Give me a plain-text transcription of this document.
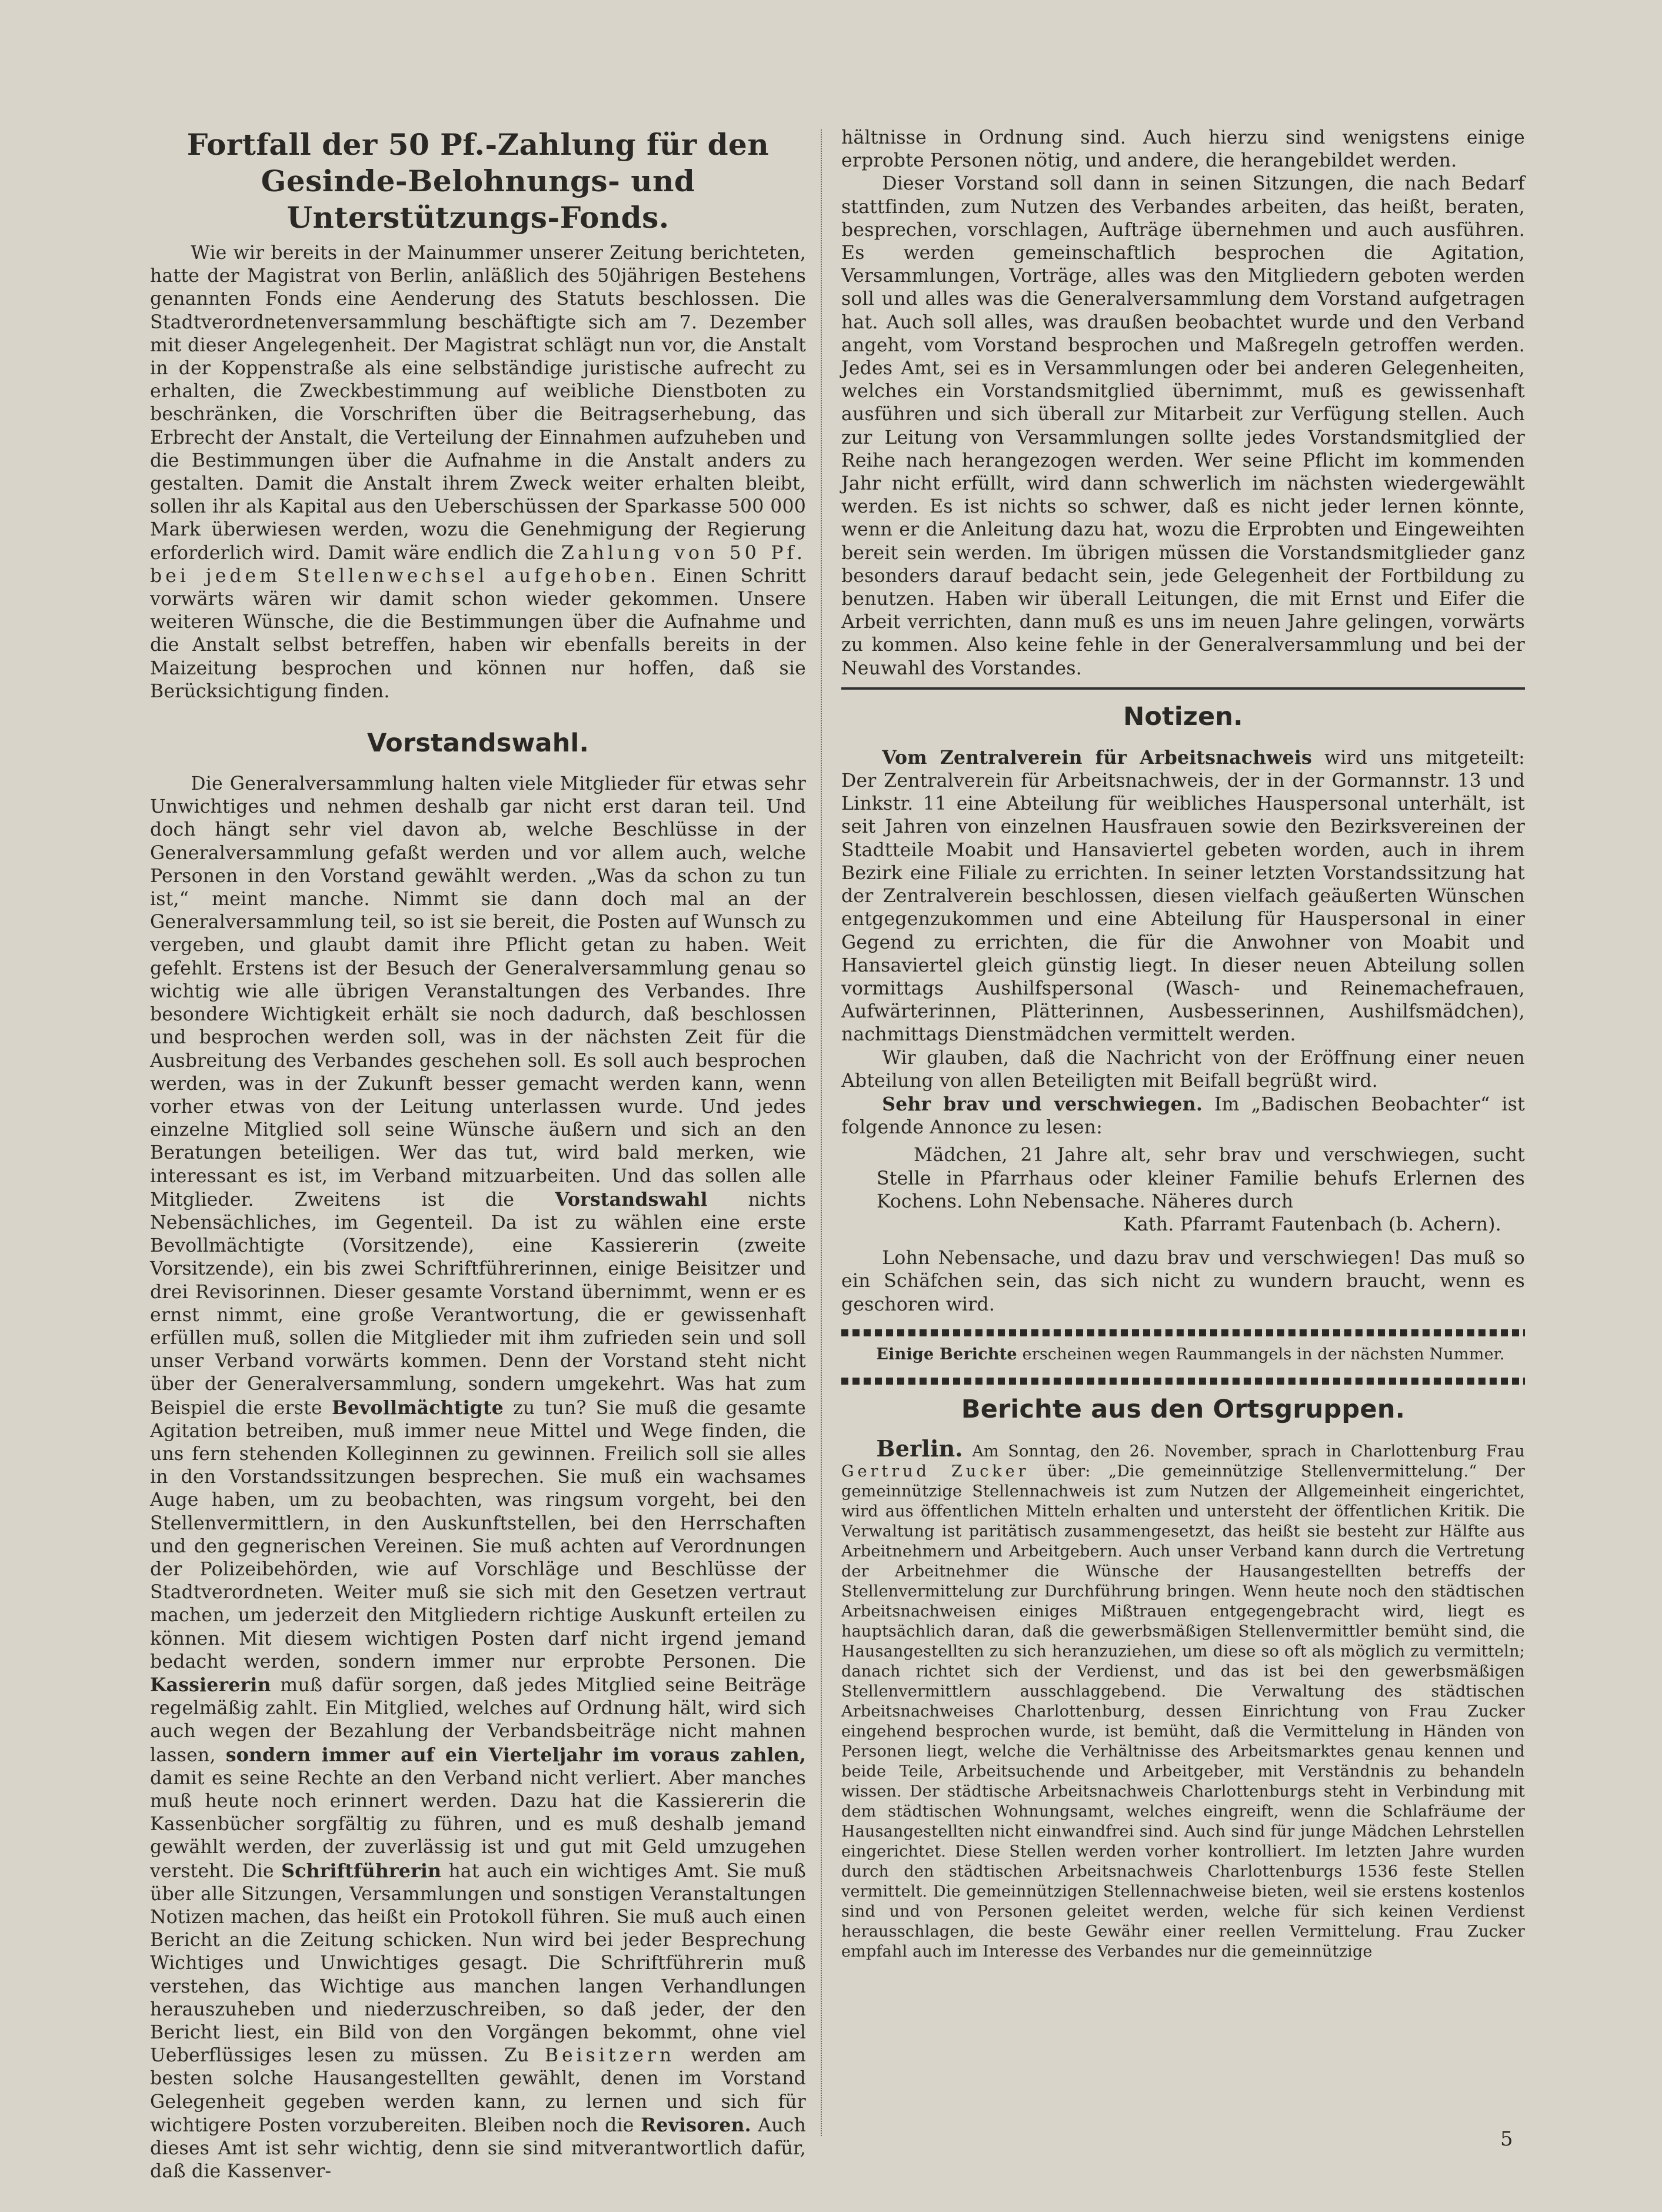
Fortfall der 50 Pf.-Zahlung für den Gesinde-Belohnungs- und Unterstützungs-Fonds.

Wie wir bereits in der Mainummer unserer Zeitung berichteten, hatte der Magistrat von Berlin, anläßlich des 50jährigen Bestehens genannten Fonds eine Aenderung des Statuts beschlossen. Die Stadtverordnetenversammlung beschäftigte sich am 7. Dezember mit dieser Angelegenheit. Der Magistrat schlägt nun vor, die Anstalt in der Koppenstraße als eine selbständige juristische aufrecht zu erhalten, die Zweckbestimmung auf weibliche Dienstboten zu beschränken, die Vorschriften über die Beitragserhebung, das Erbrecht der Anstalt, die Verteilung der Einnahmen aufzuheben und die Bestimmungen über die Aufnahme in die Anstalt anders zu gestalten. Damit die Anstalt ihrem Zweck weiter erhalten bleibt, sollen ihr als Kapital aus den Ueberschüssen der Sparkasse 500 000 Mark überwiesen werden, wozu die Genehmigung der Regierung erforderlich wird. Damit wäre endlich die Zahlung von 50 Pf. bei jedem Stellenwechsel aufgehoben. Einen Schritt vorwärts wären wir damit schon wieder gekommen. Unsere weiteren Wünsche, die die Bestimmungen über die Aufnahme und die Anstalt selbst betreffen, haben wir ebenfalls bereits in der Maizeitung besprochen und können nur hoffen, daß sie Berücksichtigung finden.

Vorstandswahl.

Die Generalversammlung halten viele Mitglieder für etwas sehr Unwichtiges und nehmen deshalb gar nicht erst daran teil. Und doch hängt sehr viel davon ab, welche Beschlüsse in der Generalversammlung gefaßt werden und vor allem auch, welche Personen in den Vorstand gewählt werden. „Was da schon zu tun ist,“ meint manche. Nimmt sie dann doch mal an der Generalversammlung teil, so ist sie bereit, die Posten auf Wunsch zu vergeben, und glaubt damit ihre Pflicht getan zu haben. Weit gefehlt. Erstens ist der Besuch der Generalversammlung genau so wichtig wie alle übrigen Veranstaltungen des Verbandes. Ihre besondere Wichtigkeit erhält sie noch dadurch, daß beschlossen und besprochen werden soll, was in der nächsten Zeit für die Ausbreitung des Verbandes geschehen soll. Es soll auch besprochen werden, was in der Zukunft besser gemacht werden kann, wenn vorher etwas von der Leitung unterlassen wurde. Und jedes einzelne Mitglied soll seine Wünsche äußern und sich an den Beratungen beteiligen. Wer das tut, wird bald merken, wie interessant es ist, im Verband mitzuarbeiten. Und das sollen alle Mitglieder. Zweitens ist die Vorstandswahl nichts Nebensächliches, im Gegenteil. Da ist zu wählen eine erste Bevollmächtigte (Vorsitzende), eine Kassiererin (zweite Vorsitzende), ein bis zwei Schriftführerinnen, einige Beisitzer und drei Revisorinnen. Dieser gesamte Vorstand übernimmt, wenn er es ernst nimmt, eine große Verantwortung, die er gewissenhaft erfüllen muß, sollen die Mitglieder mit ihm zufrieden sein und soll unser Verband vorwärts kommen. Denn der Vorstand steht nicht über der Generalversammlung, sondern umgekehrt. Was hat zum Beispiel die erste Bevollmächtigte zu tun? Sie muß die gesamte Agitation betreiben, muß immer neue Mittel und Wege finden, die uns fern stehenden Kolleginnen zu gewinnen. Freilich soll sie alles in den Vorstandssitzungen besprechen. Sie muß ein wachsames Auge haben, um zu beobachten, was ringsum vorgeht, bei den Stellenvermittlern, in den Auskunftstellen, bei den Herrschaften und den gegnerischen Vereinen. Sie muß achten auf Verordnungen der Polizeibehörden, wie auf Vorschläge und Beschlüsse der Stadtverordneten. Weiter muß sie sich mit den Gesetzen vertraut machen, um jederzeit den Mitgliedern richtige Auskunft erteilen zu können. Mit diesem wichtigen Posten darf nicht irgend jemand bedacht werden, sondern immer nur erprobte Personen. Die Kassiererin muß dafür sorgen, daß jedes Mitglied seine Beiträge regelmäßig zahlt. Ein Mitglied, welches auf Ordnung hält, wird sich auch wegen der Bezahlung der Verbandsbeiträge nicht mahnen lassen, sondern immer auf ein Vierteljahr im voraus zahlen, damit es seine Rechte an den Verband nicht verliert. Aber manches muß heute noch erinnert werden. Dazu hat die Kassiererin die Kassenbücher sorgfältig zu führen, und es muß deshalb jemand gewählt werden, der zuverlässig ist und gut mit Geld umzugehen versteht. Die Schriftführerin hat auch ein wichtiges Amt. Sie muß über alle Sitzungen, Versammlungen und sonstigen Veranstaltungen Notizen machen, das heißt ein Protokoll führen. Sie muß auch einen Bericht an die Zeitung schicken. Nun wird bei jeder Besprechung Wichtiges und Unwichtiges gesagt. Die Schriftführerin muß verstehen, das Wichtige aus manchen langen Verhandlungen herauszuheben und niederzuschreiben, so daß jeder, der den Bericht liest, ein Bild von den Vorgängen bekommt, ohne viel Ueberflüssiges lesen zu müssen. Zu Beisitzern werden am besten solche Hausangestellten gewählt, denen im Vorstand Gelegenheit gegeben werden kann, zu lernen und sich für wichtigere Posten vorzubereiten. Bleiben noch die Revisoren. Auch dieses Amt ist sehr wichtig, denn sie sind mitverantwortlich dafür, daß die Kassenver-

hältnisse in Ordnung sind. Auch hierzu sind wenigstens einige erprobte Personen nötig, und andere, die herangebildet werden.

Dieser Vorstand soll dann in seinen Sitzungen, die nach Bedarf stattfinden, zum Nutzen des Verbandes arbeiten, das heißt, beraten, besprechen, vorschlagen, Aufträge übernehmen und auch ausführen. Es werden gemeinschaftlich besprochen die Agitation, Versammlungen, Vorträge, alles was den Mitgliedern geboten werden soll und alles was die Generalversammlung dem Vorstand aufgetragen hat. Auch soll alles, was draußen beobachtet wurde und den Verband angeht, vom Vorstand besprochen und Maßregeln getroffen werden. Jedes Amt, sei es in Versammlungen oder bei anderen Gelegenheiten, welches ein Vorstandsmitglied übernimmt, muß es gewissenhaft ausführen und sich überall zur Mitarbeit zur Verfügung stellen. Auch zur Leitung von Versammlungen sollte jedes Vorstandsmitglied der Reihe nach herangezogen werden. Wer seine Pflicht im kommenden Jahr nicht erfüllt, wird dann schwerlich im nächsten wiedergewählt werden. Es ist nichts so schwer, daß es nicht jeder lernen könnte, wenn er die Anleitung dazu hat, wozu die Erprobten und Eingeweihten bereit sein werden. Im übrigen müssen die Vorstandsmitglieder ganz besonders darauf bedacht sein, jede Gelegenheit der Fortbildung zu benutzen. Haben wir überall Leitungen, die mit Ernst und Eifer die Arbeit verrichten, dann muß es uns im neuen Jahre gelingen, vorwärts zu kommen. Also keine fehle in der Generalversammlung und bei der Neuwahl des Vorstandes.

Notizen.

Vom Zentralverein für Arbeitsnachweis wird uns mitgeteilt: Der Zentralverein für Arbeitsnachweis, der in der Gormannstr. 13 und Linkstr. 11 eine Abteilung für weibliches Hauspersonal unterhält, ist seit Jahren von einzelnen Hausfrauen sowie den Bezirksvereinen der Stadtteile Moabit und Hansaviertel gebeten worden, auch in ihrem Bezirk eine Filiale zu errichten. In seiner letzten Vorstandssitzung hat der Zentralverein beschlossen, diesen vielfach geäußerten Wünschen entgegenzukommen und eine Abteilung für Hauspersonal in einer Gegend zu errichten, die für die Anwohner von Moabit und Hansaviertel gleich günstig liegt. In dieser neuen Abteilung sollen vormittags Aushilfspersonal (Wasch- und Reinemachefrauen, Aufwärterinnen, Plätterinnen, Ausbesserinnen, Aushilfsmädchen), nachmittags Dienstmädchen vermittelt werden.

Wir glauben, daß die Nachricht von der Eröffnung einer neuen Abteilung von allen Beteiligten mit Beifall begrüßt wird.

Sehr brav und verschwiegen. Im „Badischen Beobachter“ ist folgende Annonce zu lesen:

Mädchen, 21 Jahre alt, sehr brav und verschwiegen, sucht Stelle in Pfarrhaus oder kleiner Familie behufs Erlernen des Kochens. Lohn Nebensache. Näheres durch

Kath. Pfarramt Fautenbach (b. Achern).

Lohn Nebensache, und dazu brav und verschwiegen! Das muß so ein Schäfchen sein, das sich nicht zu wundern braucht, wenn es geschoren wird.

Einige Berichte erscheinen wegen Raummangels in der nächsten Nummer.

Berichte aus den Ortsgruppen.

Berlin. Am Sonntag, den 26. November, sprach in Charlottenburg Frau Gertrud Zucker über: „Die gemeinnützige Stellenvermittelung.“ Der gemeinnützige Stellennachweis ist zum Nutzen der Allgemeinheit eingerichtet, wird aus öffentlichen Mitteln erhalten und untersteht der öffentlichen Kritik. Die Verwaltung ist paritätisch zusammengesetzt, das heißt sie besteht zur Hälfte aus Arbeitnehmern und Arbeitgebern. Auch unser Verband kann durch die Vertretung der Arbeitnehmer die Wünsche der Hausangestellten betreffs der Stellenvermittelung zur Durchführung bringen. Wenn heute noch den städtischen Arbeitsnachweisen einiges Mißtrauen entgegengebracht wird, liegt es hauptsächlich daran, daß die gewerbsmäßigen Stellenvermittler bemüht sind, die Hausangestellten zu sich heranzuziehen, um diese so oft als möglich zu vermitteln; danach richtet sich der Verdienst, und das ist bei den gewerbsmäßigen Stellenvermittlern ausschlaggebend. Die Verwaltung des städtischen Arbeitsnachweises Charlottenburg, dessen Einrichtung von Frau Zucker eingehend besprochen wurde, ist bemüht, daß die Vermittelung in Händen von Personen liegt, welche die Verhältnisse des Arbeitsmarktes genau kennen und beide Teile, Arbeitsuchende und Arbeitgeber, mit Verständnis zu behandeln wissen. Der städtische Arbeitsnachweis Charlottenburgs steht in Verbindung mit dem städtischen Wohnungsamt, welches eingreift, wenn die Schlafräume der Hausangestellten nicht einwandfrei sind. Auch sind für junge Mädchen Lehrstellen eingerichtet. Diese Stellen werden vorher kontrolliert. Im letzten Jahre wurden durch den städtischen Arbeitsnachweis Charlottenburgs 1536 feste Stellen vermittelt. Die gemeinnützigen Stellennachweise bieten, weil sie erstens kostenlos sind und von Personen geleitet werden, welche für sich keinen Verdienst herausschlagen, die beste Gewähr einer reellen Vermittelung. Frau Zucker empfahl auch im Interesse des Verbandes nur die gemeinnützige

5
